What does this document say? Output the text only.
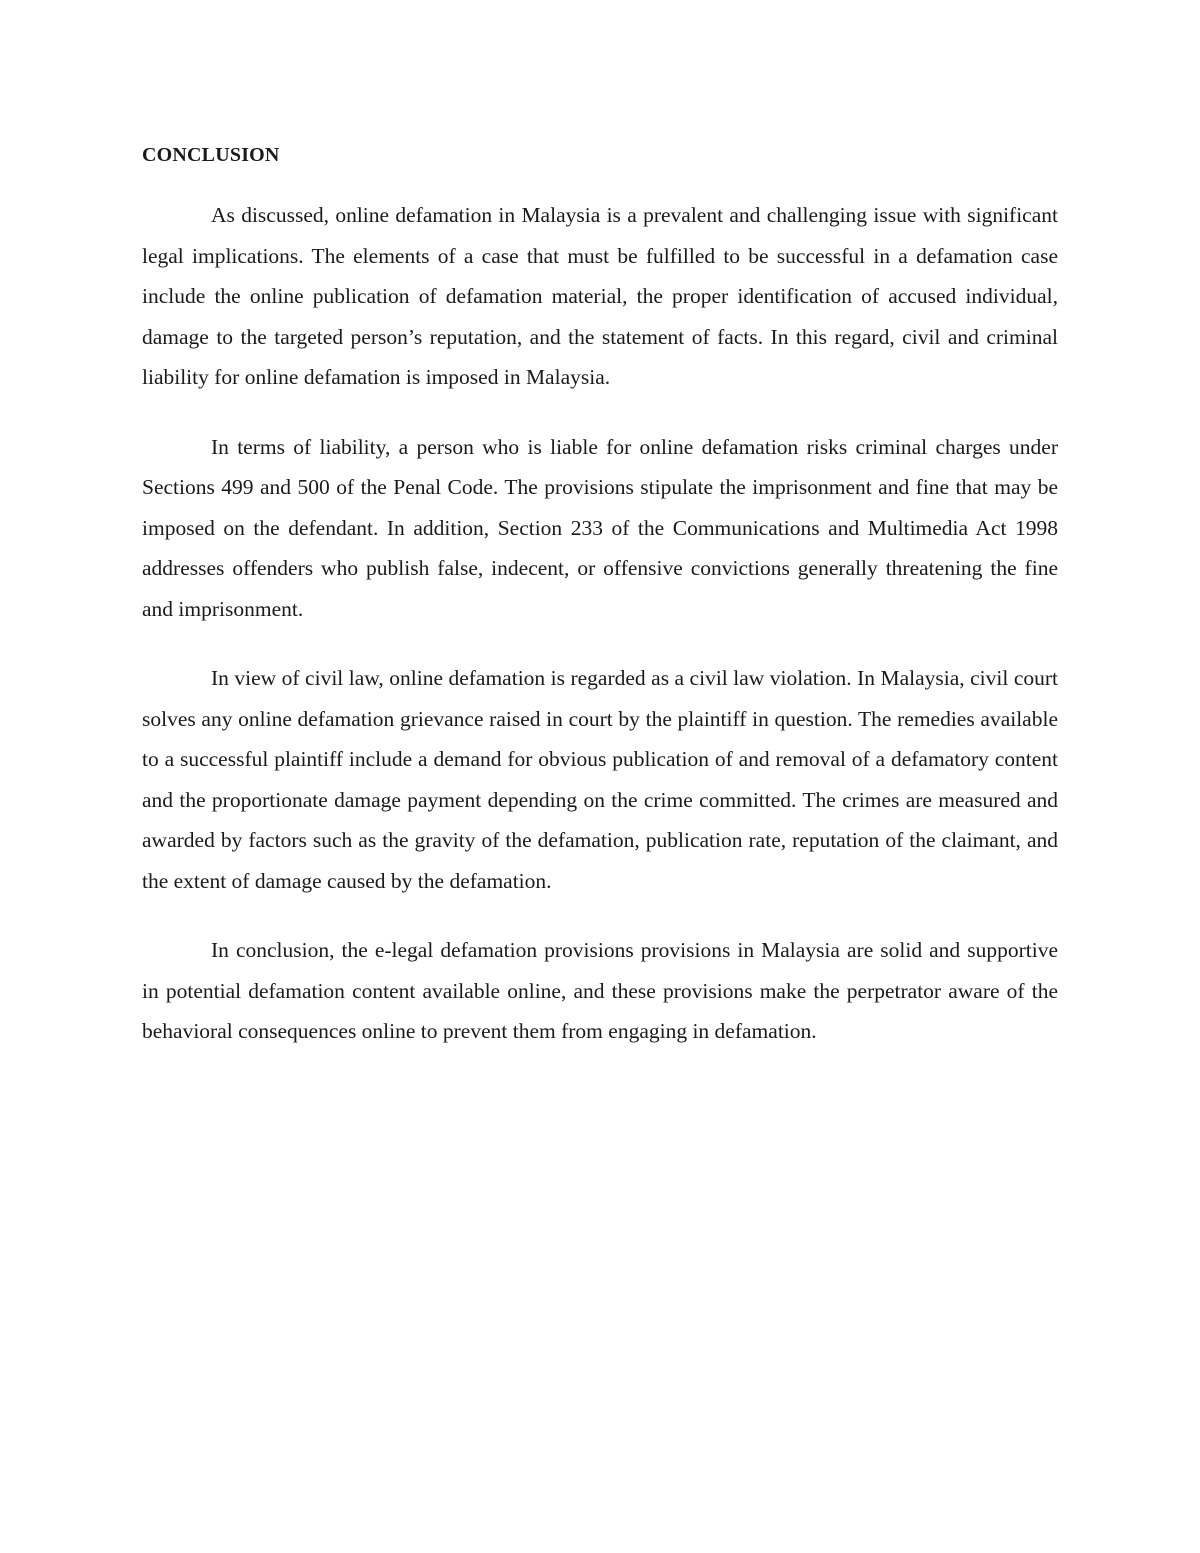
CONCLUSION

As discussed, online defamation in Malaysia is a prevalent and challenging issue with significant legal implications. The elements of a case that must be fulfilled to be successful in a defamation case include the online publication of defamation material, the proper identification of accused individual, damage to the targeted person’s reputation, and the statement of facts. In this regard, civil and criminal liability for online defamation is imposed in Malaysia.

In terms of liability, a person who is liable for online defamation risks criminal charges under Sections 499 and 500 of the Penal Code. The provisions stipulate the imprisonment and fine that may be imposed on the defendant. In addition, Section 233 of the Communications and Multimedia Act 1998 addresses offenders who publish false, indecent, or offensive convictions generally threatening the fine and imprisonment.

In view of civil law, online defamation is regarded as a civil law violation. In Malaysia, civil court solves any online defamation grievance raised in court by the plaintiff in question. The remedies available to a successful plaintiff include a demand for obvious publication of and removal of a defamatory content and the proportionate damage payment depending on the crime committed. The crimes are measured and awarded by factors such as the gravity of the defamation, publication rate, reputation of the claimant, and the extent of damage caused by the defamation.

In conclusion, the e-legal defamation provisions provisions in Malaysia are solid and supportive in potential defamation content available online, and these provisions make the perpetrator aware of the behavioral consequences online to prevent them from engaging in defamation.
